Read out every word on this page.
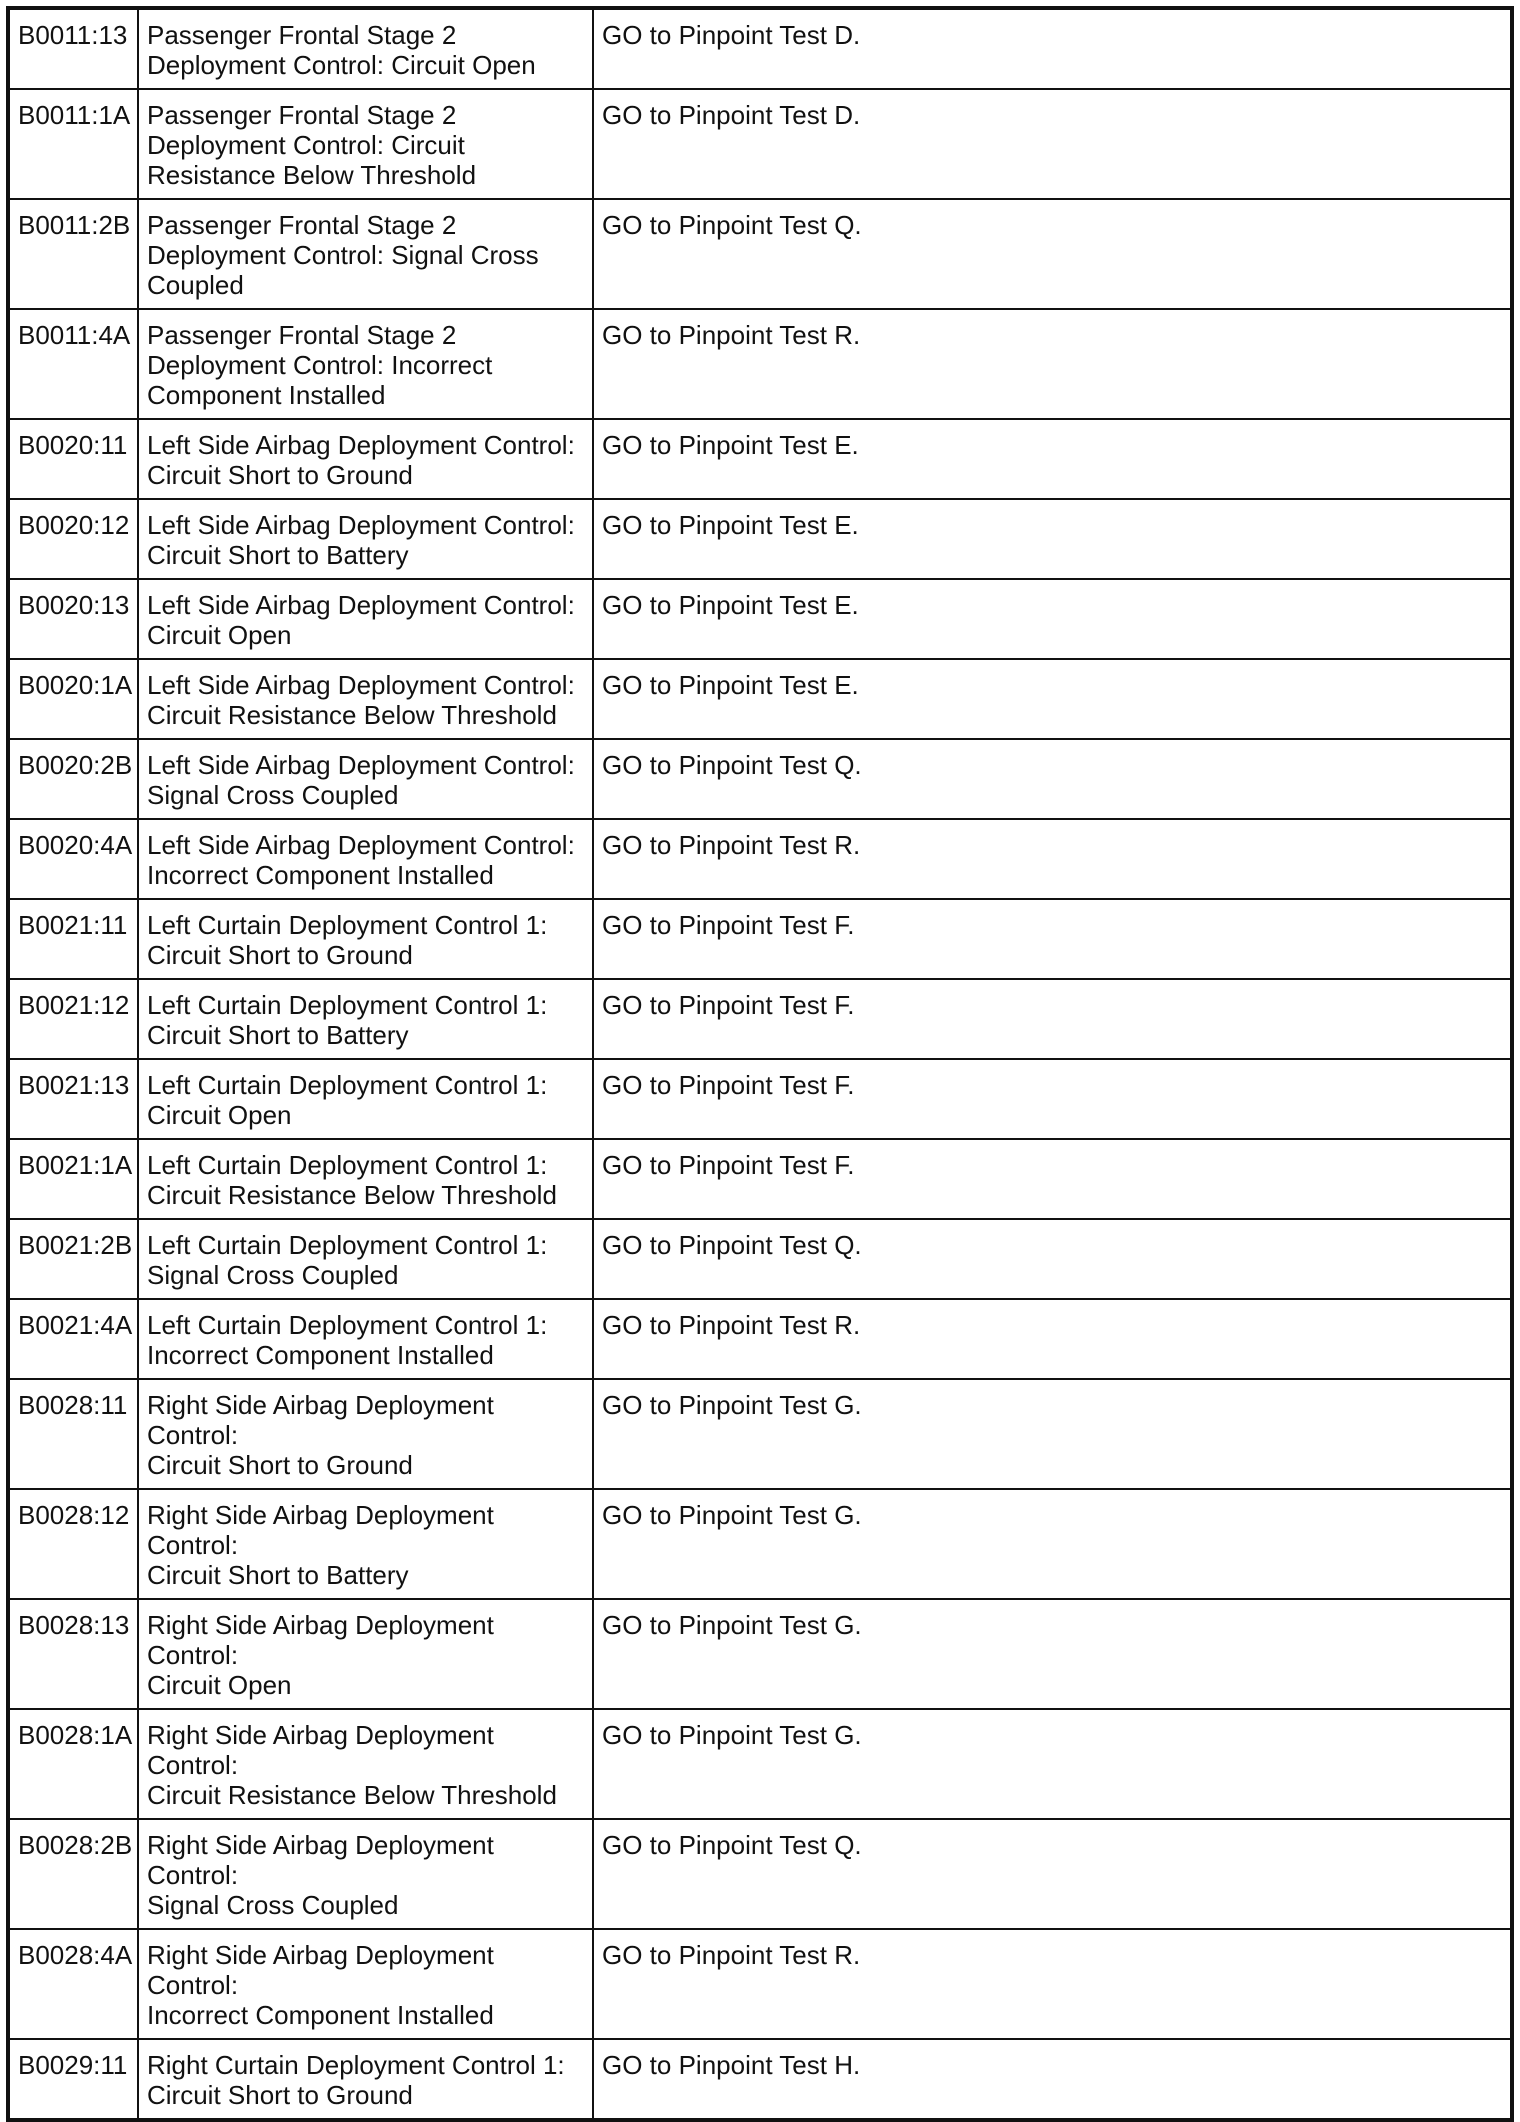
B0011:13	Passenger Frontal Stage 2
Deployment Control: Circuit Open	GO to Pinpoint Test D.
B0011:1A	Passenger Frontal Stage 2
Deployment Control: Circuit
Resistance Below Threshold	GO to Pinpoint Test D.
B0011:2B	Passenger Frontal Stage 2
Deployment Control: Signal Cross
Coupled	GO to Pinpoint Test Q.
B0011:4A	Passenger Frontal Stage 2
Deployment Control: Incorrect
Component Installed	GO to Pinpoint Test R.
B0020:11	Left Side Airbag Deployment Control:
Circuit Short to Ground	GO to Pinpoint Test E.
B0020:12	Left Side Airbag Deployment Control:
Circuit Short to Battery	GO to Pinpoint Test E.
B0020:13	Left Side Airbag Deployment Control:
Circuit Open	GO to Pinpoint Test E.
B0020:1A	Left Side Airbag Deployment Control:
Circuit Resistance Below Threshold	GO to Pinpoint Test E.
B0020:2B	Left Side Airbag Deployment Control:
Signal Cross Coupled	GO to Pinpoint Test Q.
B0020:4A	Left Side Airbag Deployment Control:
Incorrect Component Installed	GO to Pinpoint Test R.
B0021:11	Left Curtain Deployment Control 1:
Circuit Short to Ground	GO to Pinpoint Test F.
B0021:12	Left Curtain Deployment Control 1:
Circuit Short to Battery	GO to Pinpoint Test F.
B0021:13	Left Curtain Deployment Control 1:
Circuit Open	GO to Pinpoint Test F.
B0021:1A	Left Curtain Deployment Control 1:
Circuit Resistance Below Threshold	GO to Pinpoint Test F.
B0021:2B	Left Curtain Deployment Control 1:
Signal Cross Coupled	GO to Pinpoint Test Q.
B0021:4A	Left Curtain Deployment Control 1:
Incorrect Component Installed	GO to Pinpoint Test R.
B0028:11	Right Side Airbag Deployment Control:
Circuit Short to Ground	GO to Pinpoint Test G.
B0028:12	Right Side Airbag Deployment Control:
Circuit Short to Battery	GO to Pinpoint Test G.
B0028:13	Right Side Airbag Deployment Control:
Circuit Open	GO to Pinpoint Test G.
B0028:1A	Right Side Airbag Deployment Control:
Circuit Resistance Below Threshold	GO to Pinpoint Test G.
B0028:2B	Right Side Airbag Deployment Control:
Signal Cross Coupled	GO to Pinpoint Test Q.
B0028:4A	Right Side Airbag Deployment Control:
Incorrect Component Installed	GO to Pinpoint Test R.
B0029:11	Right Curtain Deployment Control 1:
Circuit Short to Ground	GO to Pinpoint Test H.
